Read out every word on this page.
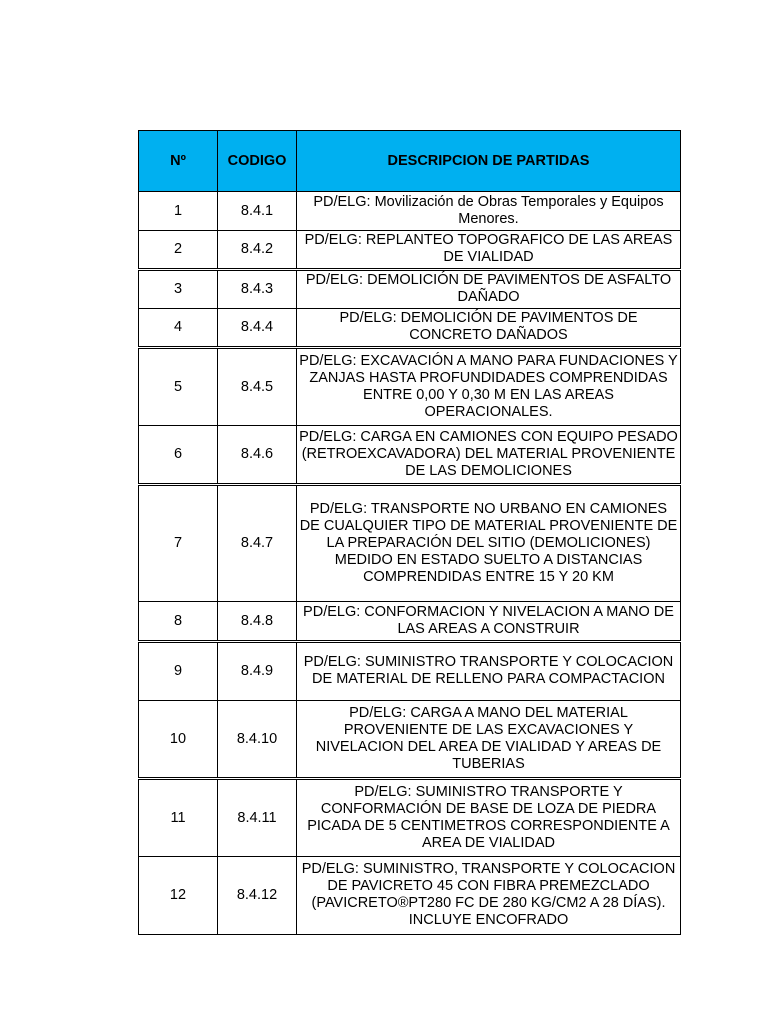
Nº	CODIGO	DESCRIPCION DE PARTIDAS
1	8.4.1	PD/ELG: Movilización de Obras Temporales y Equipos Menores.
2	8.4.2	PD/ELG: REPLANTEO TOPOGRAFICO DE LAS AREAS DE VIALIDAD
3	8.4.3	PD/ELG: DEMOLICIÓN DE PAVIMENTOS DE ASFALTO DAÑADO
4	8.4.4	PD/ELG: DEMOLICIÓN DE PAVIMENTOS DE CONCRETO DAÑADOS
5	8.4.5	PD/ELG: EXCAVACIÓN A MANO PARA FUNDACIONES Y ZANJAS HASTA PROFUNDIDADES COMPRENDIDAS ENTRE 0,00 Y 0,30 M EN LAS AREAS OPERACIONALES.
6	8.4.6	PD/ELG: CARGA EN CAMIONES CON EQUIPO PESADO (RETROEXCAVADORA) DEL MATERIAL PROVENIENTE DE LAS DEMOLICIONES
7	8.4.7	PD/ELG: TRANSPORTE NO URBANO EN CAMIONES DE CUALQUIER TIPO DE MATERIAL PROVENIENTE DE LA PREPARACIÓN DEL SITIO (DEMOLICIONES) MEDIDO EN ESTADO SUELTO A DISTANCIAS COMPRENDIDAS ENTRE 15 Y 20 KM
8	8.4.8	PD/ELG: CONFORMACION Y NIVELACION A MANO DE LAS AREAS A CONSTRUIR
9	8.4.9	PD/ELG: SUMINISTRO TRANSPORTE Y COLOCACION DE MATERIAL DE RELLENO PARA COMPACTACION
10	8.4.10	PD/ELG: CARGA A MANO DEL MATERIAL PROVENIENTE DE LAS EXCAVACIONES Y NIVELACION DEL AREA DE VIALIDAD Y AREAS DE TUBERIAS
11	8.4.11	PD/ELG: SUMINISTRO TRANSPORTE Y CONFORMACIÓN DE BASE DE LOZA DE PIEDRA PICADA DE 5 CENTIMETROS CORRESPONDIENTE A AREA DE VIALIDAD
12	8.4.12	PD/ELG: SUMINISTRO, TRANSPORTE Y COLOCACION DE PAVICRETO 45 CON FIBRA PREMEZCLADO (PAVICRETO®PT280 FC DE 280 KG/CM2 A 28 DÍAS). INCLUYE ENCOFRADO
